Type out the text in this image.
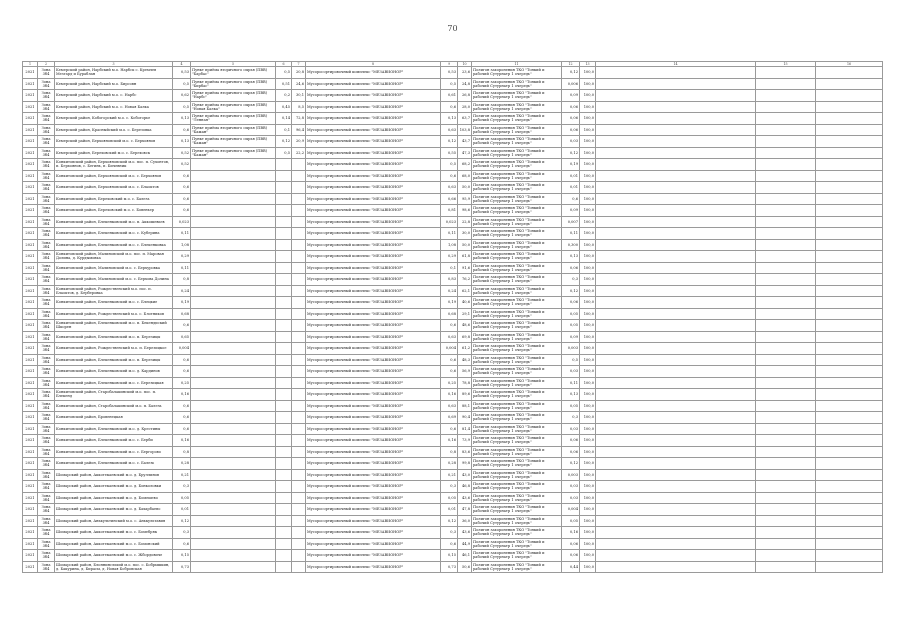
70
1	2	3	4	5	6	7	8	9	10	11	12	13	14	15	16
2021	Зона 3б4	Кемерский район, Нарбский м.о. Нарбск с. Кремлев Мезгард и Бураблан	0,53	Пункт приёма вторичного сырья (ПВВ) "Барбас"	0,5	20,8	Мусоросортировочный комплекс "МЕЗАВИОНОР"	0,53	23,6	Полигон захоронения ТКО "Тонкий и рабочий Сутурнатр 1 очередь"	0,12	100,0			
2021	Зона 3б4	Кемерский район, Нарбский м.о. Бирсовн	0,5	Пункт приёма вторичного сырья (ПВВ) "Бирбас"	0,51	24,6	Мусоросортировочный комплекс "МЕЗАВИОНОР"	0,5	24,8	Полигон захоронения ТКО "Тонкий и рабочий Сутурнатр 1 очередь"	0,006	100,0			
2021	Зона 3б4	Кемерский район, Нарбский м.о. с. Нарбс	0,62	Пункт приёма вторичного сырья (ПВВ) "Нарбс"	0,2	30,1	Мусоросортировочный комплекс "МЕЗАВИОНОР"	0,61	26,8	Полигон захоронения ТКО "Тонкий и рабочий Сутурнатр 1 очередь"	0,09	100,0			
2021	Зона 3б4	Кемерский район, Нарбский м.о. с. Новая Балка	0,5	Пункт приёма вторичного сырья (ПВВ) "Новая Балка"	0,45	8,5	Мусоросортировочный комплекс "МЕЗАВИОНОР"	0,6	28,0	Полигон захоронения ТКО "Тонкий и рабочий Сутурнатр 1 очередь"	0,06	100,0			
2021	Зона 3б4	Кемерский район, Кобогорский м.о. с. Кобогорье	0,13	Пункт приёма вторичного сырья (ПВВ) "Ленная"	0,14	72,8	Мусоросортировочный комплекс "МЕЗАВИОНОР"	0,13	63,7	Полигон захоронения ТКО "Тонкий и рабочий Сутурнатр 1 очередь"	0,06	100,0			
2021	Зона 3б4	Кемерский район, Красныйский м.о. с. Березовка	0,6	Пункт приёма вторичного сырья (ПВВ) "Бажан"	0,1	96,4	Мусоросортировочный комплекс "МЕЗАВИОНОР"	0,63	103,8	Полигон захоронения ТКО "Тонкий и рабочий Сутурнатр 1 очередь"	0,06	100,0			
2021	Зона 3б4	Кемерский район, Берхояновский м.о. с. Берхоянов	0,13	Пункт приёма вторичного сырья (ПВВ) "Бажан"	0,12	20,9	Мусоросортировочный комплекс "МЕЗАВИОНОР"	0,12	43,7	Полигон захоронения ТКО "Тонкий и рабочий Сутурнатр 1 очередь"	0,03	100,0			
2021	Зона 3б4	Кемерский район, Береховский м.о. с. Береховск	0,52	Пункт приёма вторичного сырья (ПВВ) "Бажан"	0,5	22,2	Мусоросортировочный комплекс "МЕЗАВИОНОР"	0,55	47,3	Полигон захоронения ТКО "Тонкий и рабочий Сутурнатр 1 очередь"	0,12	100,0			
2021	Зона 3б4	Конкитовский район, Берхояновский м.о. пос. п. Сухонтов, п. Берхоянов, с. Бегинь, п. Бичевник	0,52				Мусоросортировочный комплекс "МЕЗАВИОНОР"	0,5	68,2	Полигон захоронения ТКО "Тонкий и рабочий Сутурнатр 1 очередь"	0,19	100,0			
2021	Зона 3б4	Конкитовский район, Берхояновский м.о. с. Берхоянов	0,6				Мусоросортировочный комплекс "МЕЗАВИОНОР"	0,6	68,0	Полигон захоронения ТКО "Тонкий и рабочий Сутурнатр 1 очередь"	0,01	100,0			
2021	Зона 3б4	Конкитовский район, Берхояновский м.о. с. Блаоктов	0,6				Мусоросортировочный комплекс "МЕЗАВИОНОР"	0,63	50,0	Полигон захоронения ТКО "Тонкий и рабочий Сутурнатр 1 очередь"	0,01	100,0			
2021	Зона 3б4	Конкитовский район, Береховский м.о. с. Балезь	0,6				Мусоросортировочный комплекс "МЕЗАВИОНОР"	0,66	95,9	Полигон захоронения ТКО "Тонкий и рабочий Сутурнатр 1 очередь"	0,6	100,0			
2021	Зона 3б4	Конкитовский район, Береховский м.о. с. Бовеньер	0,6				Мусоросортировочный комплекс "МЕЗАВИОНОР"	0,81	98,6	Полигон захоронения ТКО "Тонкий и рабочий Сутурнатр 1 очередь"	0,09	100,0			
2021	Зона 3б4	Конкитовский район, Блекенковский м.о. п. Аккошевьев	0,023				Мусоросортировочный комплекс "МЕЗАВИОНОР"	0,023	22,8	Полигон захоронения ТКО "Тонкий и рабочий Сутурнатр 1 очередь"	0,007	100,0			
2021	Зона 3б4	Конкитовский район, Блекенковский м.о. с. Куберина	0,11				Мусоросортировочный комплекс "МЕЗАВИОНОР"	0,11	30,0	Полигон захоронения ТКО "Тонкий и рабочий Сутурнатр 1 очередь"	0,11	100,0			
2021	Зона 3б4	Конкитовский район, Блекенковский м.о. с. Блекенковка	1,08				Мусоросортировочный комплекс "МЕЗАВИОНОР"	1,08	50,0	Полигон захоронения ТКО "Тонкий и рабочий Сутурнатр 1 очередь"	0,300	100,0			
2021	Зона 3б4	Конкитовский район, Малиновский м.о. пос. п. Маровая Долина, д. Курдымовка	0,29				Мусоросортировочный комплекс "МЕЗАВИОНОР"	0,29	61,8	Полигон захоронения ТКО "Тонкий и рабочий Сутурнатр 1 очередь"	0,13	100,0			
2021	Зона 3б4	Конкитовский район, Малиновский м.о. с. Берхуровка	0,11				Мусоросортировочный комплекс "МЕЗАВИОНОР"	0,1	91,6	Полигон захоронения ТКО "Тонкий и рабочий Сутурнатр 1 очередь"	0,06	100,0			
2021	Зона 3б4	Конкитовский район, Малиновский м.о. с. Берхова Долина	0,8				Мусоросортировочный комплекс "МЕЗАВИОНОР"	0,83	76,2	Полигон захоронения ТКО "Тонкий и рабочий Сутурнатр 1 очередь"	0,3	100,0			
2021	Зона 3б4	Конкитовский район, Рождественский м.о. пос. п. Блаоктов, д. Берберовка	0,24				Мусоросортировочный комплекс "МЕЗАВИОНОР"	0,24	62,1	Полигон захоронения ТКО "Тонкий и рабочий Сутурнатр 1 очередь"	0,12	100,0			
2021	Зона 3б4	Конкитовский район, Блекенковский м.о. с. Блецкие	0,19				Мусоросортировочный комплекс "МЕЗАВИОНОР"	0,19	40,6	Полигон захоронения ТКО "Тонкий и рабочий Сутурнатр 1 очередь"	0,06	100,0			
2021	Зона 3б4	Конкитовский район, Рождественский м.о. с. Блотников	0,68				Мусоросортировочный комплекс "МЕЗАВИОНОР"	0,68	29,1	Полигон захоронения ТКО "Тонкий и рабочий Сутурнатр 1 очередь"	0,05	100,0			
2021	Зона 3б4	Конкитовский район, Блекенковский м.о. п. Бекендиский Шкорен	0,6				Мусоросортировочный комплекс "МЕЗАВИОНОР"	0,6	48,6	Полигон захоронения ТКО "Тонкий и рабочий Сутурнатр 1 очередь"	0,05	100,0			
2021	Зона 3б4	Конкитовский район, Блекенковский м.о. п. Березицы	0,65				Мусоросортировочный комплекс "МЕЗАВИОНОР"	0,63	69,8	Полигон захоронения ТКО "Тонкий и рабочий Сутурнатр 1 очередь"	0,09	100,0			
2021	Зона 3б4	Конкитовский район, Рождественский м.о. п. Березицкое	0,004				Мусоросортировочный комплекс "МЕЗАВИОНОР"	0,004	61,2	Полигон захоронения ТКО "Тонкий и рабочий Сутурнатр 1 очередь"	0,003	100,0			
2021	Зона 3б4	Конкитовский район, Блекенковский м.о. п. Березицы	0,6				Мусоросортировочный комплекс "МЕЗАВИОНОР"	0,6	48,3	Полигон захоронения ТКО "Тонкий и рабочий Сутурнатр 1 очередь"	0,5	100,0			
2021	Зона 3б4	Конкитовский район, Блекенковский м.о. д. Кардинов	0,6				Мусоросортировочный комплекс "МЕЗАВИОНОР"	0,6	56,9	Полигон захоронения ТКО "Тонкий и рабочий Сутурнатр 1 очередь"	0,03	100,0			
2021	Зона 3б4	Конкитовский район, Блекенковский м.о. с. Березицкая	0,25				Мусоросортировочный комплекс "МЕЗАВИОНОР"	0,25	78,8	Полигон захоронения ТКО "Тонкий и рабочий Сутурнатр 1 очередь"	0,11	100,0			
2021	Зона 3б4	Конкитовский район, Старобалакинский м.о. пос. п. Блекенд	0,16				Мусоросортировочный комплекс "МЕЗАВИОНОР"	0,16	89,6	Полигон захоронения ТКО "Тонкий и рабочий Сутурнатр 1 очередь"	0,13	100,0			
2021	Зона 3б4	Конкитовский район, Старобалакинский м.о. п. Балезь	0,6				Мусоросортировочный комплекс "МЕЗАВИОНОР"	0,63	88,1	Полигон захоронения ТКО "Тонкий и рабочий Сутурнатр 1 очередь"	0,05	100,0			
2021	Зона 3б4	Конкитовский район, Бровенецкая	0,6				Мусоросортировочный комплекс "МЕЗАВИОНОР"	0,69	90,4	Полигон захоронения ТКО "Тонкий и рабочий Сутурнатр 1 очередь"	0,3	100,0			
2021	Зона 3б4	Конкитовский район, Блекенковский м.о. д. Крестины	0,6				Мусоросортировочный комплекс "МЕЗАВИОНОР"	0,6	81,4	Полигон захоронения ТКО "Тонкий и рабочий Сутурнатр 1 очередь"	0,03	100,0			
2021	Зона 3б4	Конкитовский район, Блекенковский м.о. с. Берби	0,16				Мусоросортировочный комплекс "МЕЗАВИОНОР"	0,16	73,9	Полигон захоронения ТКО "Тонкий и рабочий Сутурнатр 1 очередь"	0,06	100,0			
2021	Зона 3б4	Конкитовский район, Блекенковский м.о. с. Бергорово	0,8				Мусоросортировочный комплекс "МЕЗАВИОНОР"	0,8	83,6	Полигон захоронения ТКО "Тонкий и рабочий Сутурнатр 1 очередь"	0,06	100,0			
2021	Зона 3б4	Конкитовский район, Блекенковский м.о. с. Балезь	0,28				Мусоросортировочный комплекс "МЕЗАВИОНОР"	0,28	99,8	Полигон захоронения ТКО "Тонкий и рабочий Сутурнатр 1 очередь"	0,12	100,0			
2021	Зона 3б4	Шомарский район, Аккотекаевский м.о. д. Бруллинов	0,21				Мусоросортировочный комплекс "МЕЗАВИОНОР"	0,21	43,0	Полигон захоронения ТКО "Тонкий и рабочий Сутурнатр 1 очередь"	0,003	100,0			
2021	Зона 3б4	Шомарский район, Аккотекаевский м.о. д. Бонколовки	0,3				Мусоросортировочный комплекс "МЕЗАВИОНОР"	0,3	46,8	Полигон захоронения ТКО "Тонкий и рабочий Сутурнатр 1 очередь"	0,03	100,0			
2021	Зона 3б4	Шомарский район, Аккотекаевский м.о. д. Бомешево	0,05				Мусоросортировочный комплекс "МЕЗАВИОНОР"	0,05	43,6	Полигон захоронения ТКО "Тонкий и рабочий Сутурнатр 1 очередь"	0,03	100,0			
2021	Зона 3б4	Шомарский район, Аккотекаевский м.о. д. Бахарбаево	0,01				Мусоросортировочный комплекс "МЕЗАВИОНОР"	0,01	47,8	Полигон захоронения ТКО "Тонкий и рабочий Сутурнатр 1 очередь"	0,004	100,0			
2021	Зона 3б4	Шомарский район, Анькультинский м.о. с. Анькультавия	0,12				Мусоросортировочный комплекс "МЕЗАВИОНОР"	0,12	36,0	Полигон захоронения ТКО "Тонкий и рабочий Сутурнатр 1 очередь"	0,05	100,0			
2021	Зона 3б4	Шомарский район, Аккотекаевский м.о. с. Бомебряк	0,3				Мусоросортировочный комплекс "МЕЗАВИОНОР"	0,3	43,6	Полигон захоронения ТКО "Тонкий и рабочий Сутурнатр 1 очередь"	0,16	100,0			
2021	Зона 3б4	Шомарский район, Аккотекаевский м.о. с. Бомонский	0,6				Мусоросортировочный комплекс "МЕЗАВИОНОР"	0,6	44,9	Полигон захоронения ТКО "Тонкий и рабочий Сутурнатр 1 очередь"	0,06	100,0			
2021	Зона 3б4	Шомарский район, Аккотекаевский м.о. с. Жбордовиче	0,15				Мусоросортировочный комплекс "МЕЗАВИОНОР"	0,15	46,1	Полигон захоронения ТКО "Тонкий и рабочий Сутурнатр 1 очередь"	0,06	100,0			
2021	Зона 3б4	Шомарский район, Блоннинсльхий м.о. пос. с. Бобрышкин, д. Бакурина, д. Бирасы, д. Новая Бобровская	0,73				Мусоросортировочный комплекс "МЕЗАВИОНОР"	0,73	50,6	Полигон захоронения ТКО "Тонкий и рабочий Сутурнатр 1 очередь"	0,44	100,0			
